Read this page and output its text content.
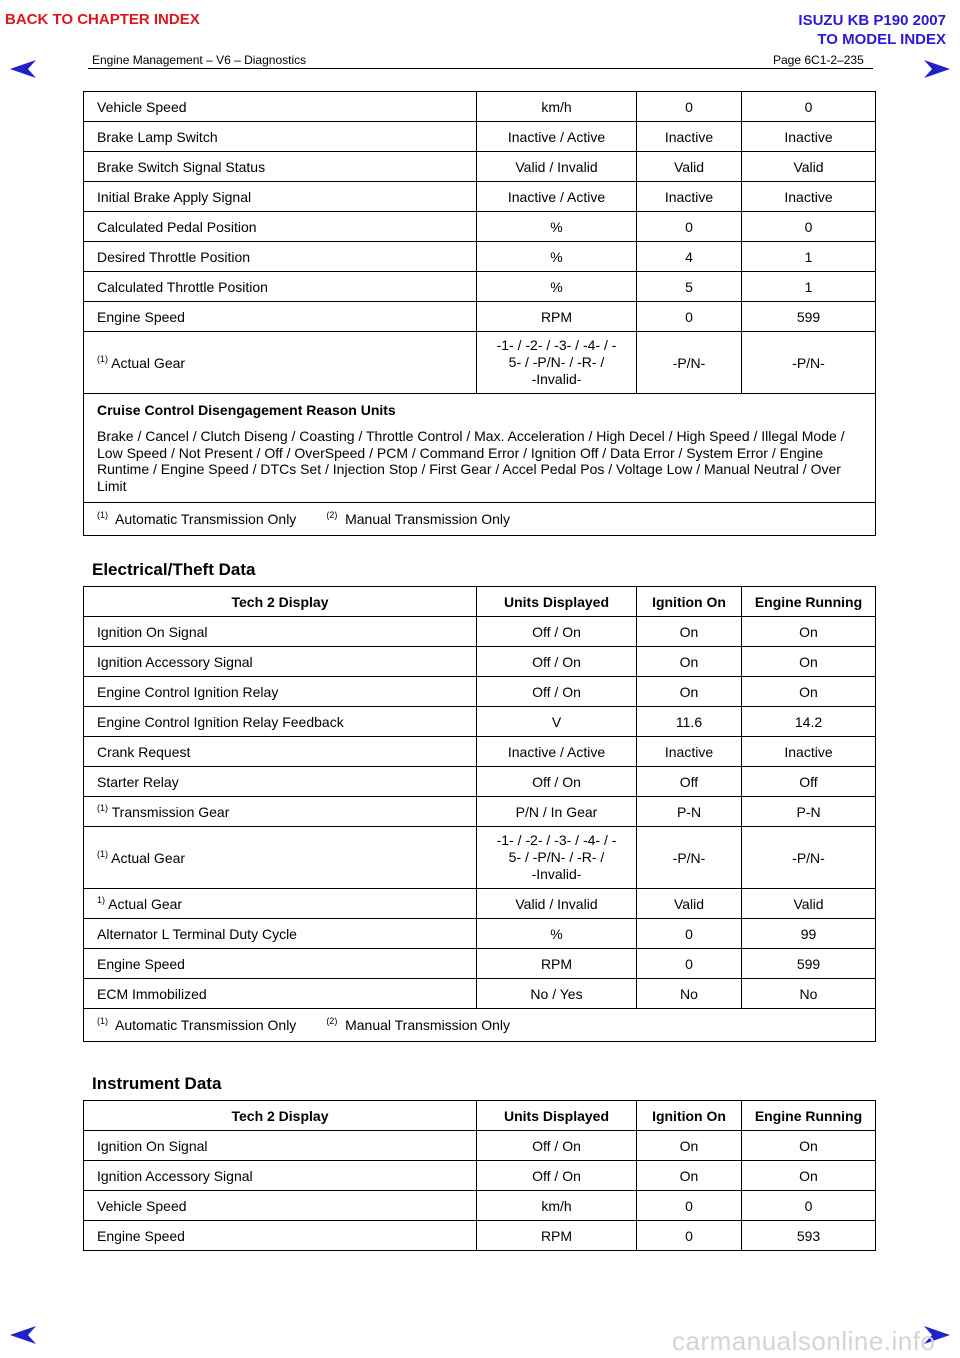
BACK TO CHAPTER INDEX	ISUZU KB P190 2007
TO MODEL INDEX
Engine Management – V6 – Diagnostics	Page 6C1-2–235
Vehicle Speed	km/h	0	0
Brake Lamp Switch	Inactive / Active	Inactive	Inactive
Brake Switch Signal Status	Valid / Invalid	Valid	Valid
Initial Brake Apply Signal	Inactive / Active	Inactive	Inactive
Calculated Pedal Position	%	0	0
Desired Throttle Position	%	4	1
Calculated Throttle Position	%	5	1
Engine Speed	RPM	0	599
$^{(1)}$ Actual Gear	-1- / -2- / -3- / -4- / -
5- / -P/N- / -R- /
-Invalid-	-P/N-	-P/N-

Cruise Control Disengagement Reason Units
Brake / Cancel / Clutch Diseng / Coasting / Throttle Control / Max. Acceleration / High Decel / High Speed / Illegal Mode / Low Speed / Not Present / Off / OverSpeed / PCM / Command Error / Ignition Off / Data Error / System Error / Engine Runtime / Engine Speed / DTCs Set / Injection Stop / First Gear / Accel Pedal Pos / Voltage Low / Manual Neutral / Over Limit			

$^{(1)}$ Automatic Transmission Only $^{(2)}$ Manual Transmission Only			
Electrical/Theft Data
Tech 2 Display	Units Displayed	Ignition On	Engine Running
Ignition On Signal	Off / On	On	On
Ignition Accessory Signal	Off / On	On	On
Engine Control Ignition Relay	Off / On	On	On
Engine Control Ignition Relay Feedback	V	11.6	14.2
Crank Request	Inactive / Active	Inactive	Inactive
Starter Relay	Off / On	Off	Off
$^{(1)}$ Transmission Gear	P/N / In Gear	P-N	P-N
$^{(1)}$ Actual Gear	-1- / -2- / -3- / -4- / -
5- / -P/N- / -R- /
-Invalid-	-P/N-	-P/N-
$^{1)}$ Actual Gear	Valid / Invalid	Valid	Valid
Alternator L Terminal Duty Cycle	%	0	99
Engine Speed	RPM	0	599
ECM Immobilized	No / Yes	No	No
$^{(1)}$ Automatic Transmission Only $^{(2)}$ Manual Transmission Only			
Instrument Data
Tech 2 Display	Units Displayed	Ignition On	Engine Running
Ignition On Signal	Off / On	On	On
Ignition Accessory Signal	Off / On	On	On
Vehicle Speed	km/h	0	0
Engine Speed	RPM	0	593
carmanualsonline.info
